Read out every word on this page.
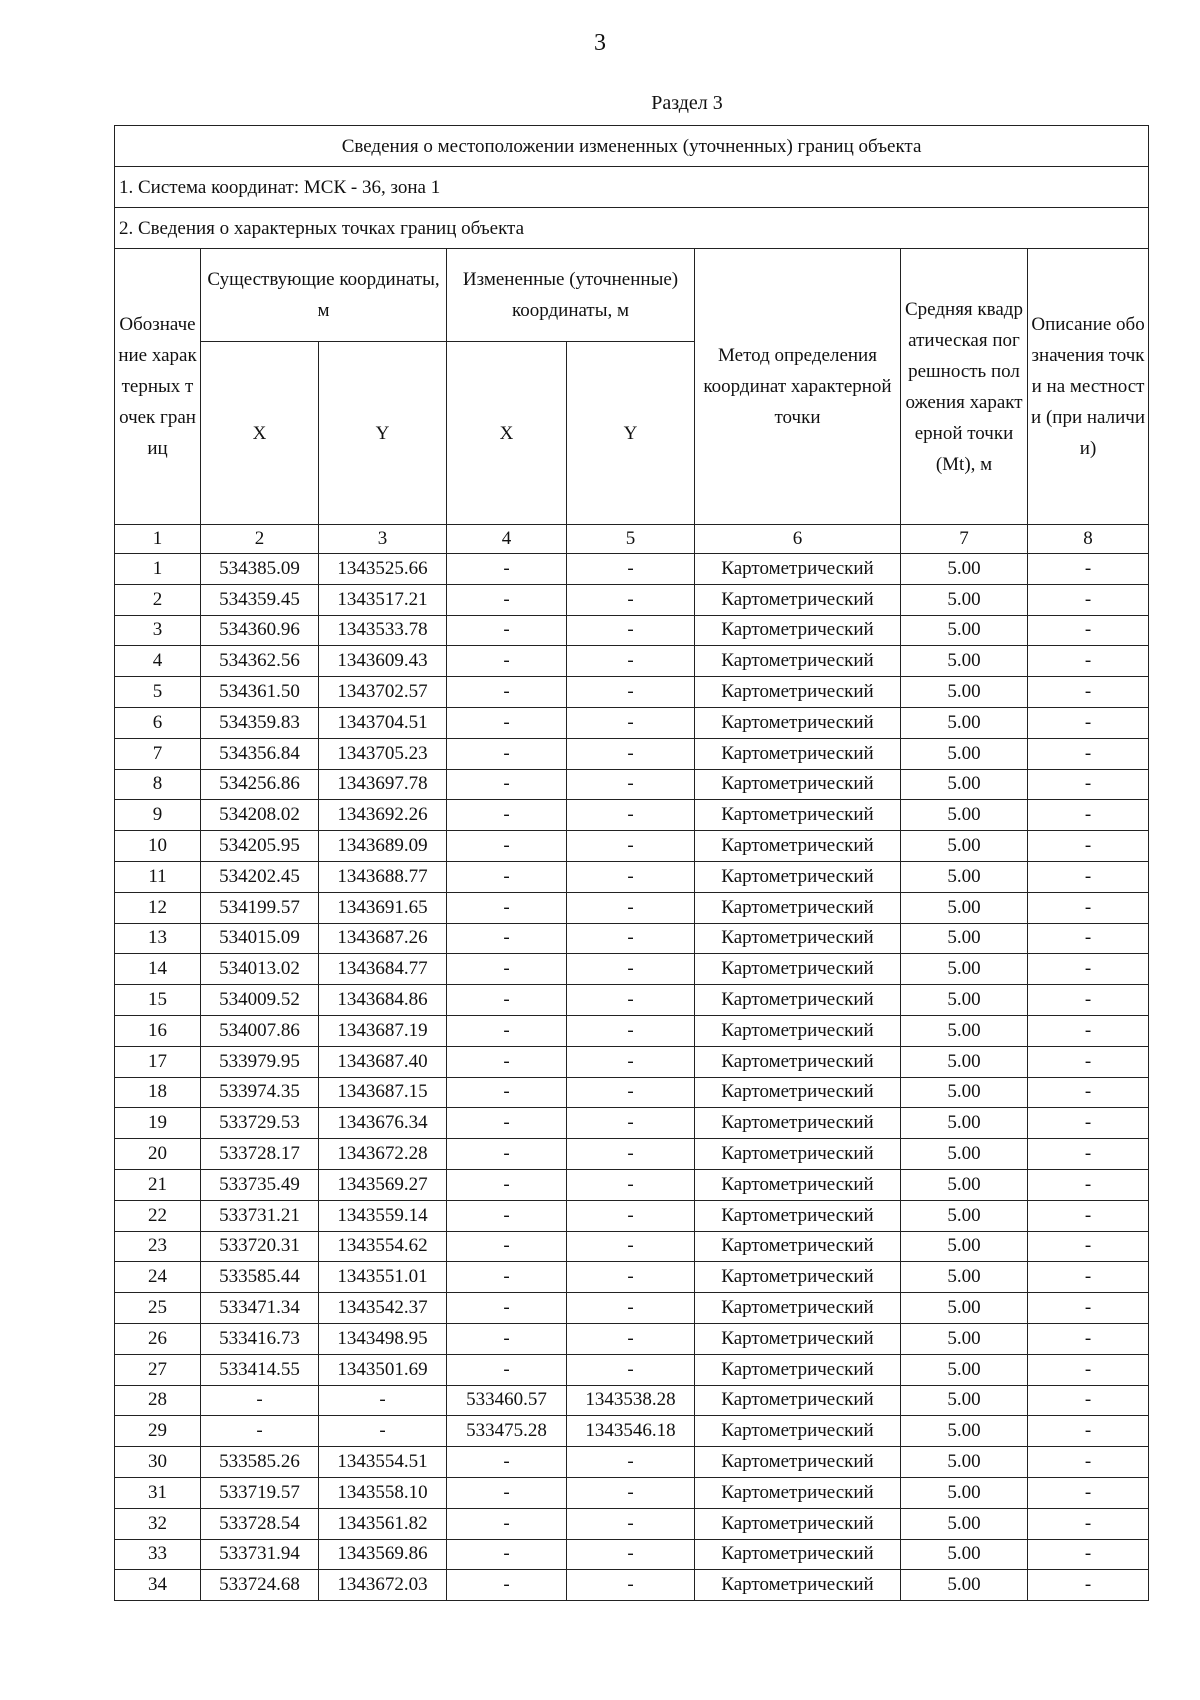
3
Раздел 3
Сведения о местоположении измененных (уточненных) границ объекта							
1. Система координат: МСК - 36, зона 1							
2. Сведения о характерных точках границ объекта							
Обозначение характерных точек границ	Существующие координаты, м		Измененные (уточненные) координаты, м		Метод определения координат характерной точки	Средняя квадратическая погрешность положения характерной точки (Mt), м	Описание обозначения точки на местности (при наличии)
	X	Y	X	Y			
1	2	3	4	5	6	7	8
1	534385.09	1343525.66	-	-	Картометрический	5.00	-
2	534359.45	1343517.21	-	-	Картометрический	5.00	-
3	534360.96	1343533.78	-	-	Картометрический	5.00	-
4	534362.56	1343609.43	-	-	Картометрический	5.00	-
5	534361.50	1343702.57	-	-	Картометрический	5.00	-
6	534359.83	1343704.51	-	-	Картометрический	5.00	-
7	534356.84	1343705.23	-	-	Картометрический	5.00	-
8	534256.86	1343697.78	-	-	Картометрический	5.00	-
9	534208.02	1343692.26	-	-	Картометрический	5.00	-
10	534205.95	1343689.09	-	-	Картометрический	5.00	-
11	534202.45	1343688.77	-	-	Картометрический	5.00	-
12	534199.57	1343691.65	-	-	Картометрический	5.00	-
13	534015.09	1343687.26	-	-	Картометрический	5.00	-
14	534013.02	1343684.77	-	-	Картометрический	5.00	-
15	534009.52	1343684.86	-	-	Картометрический	5.00	-
16	534007.86	1343687.19	-	-	Картометрический	5.00	-
17	533979.95	1343687.40	-	-	Картометрический	5.00	-
18	533974.35	1343687.15	-	-	Картометрический	5.00	-
19	533729.53	1343676.34	-	-	Картометрический	5.00	-
20	533728.17	1343672.28	-	-	Картометрический	5.00	-
21	533735.49	1343569.27	-	-	Картометрический	5.00	-
22	533731.21	1343559.14	-	-	Картометрический	5.00	-
23	533720.31	1343554.62	-	-	Картометрический	5.00	-
24	533585.44	1343551.01	-	-	Картометрический	5.00	-
25	533471.34	1343542.37	-	-	Картометрический	5.00	-
26	533416.73	1343498.95	-	-	Картометрический	5.00	-
27	533414.55	1343501.69	-	-	Картометрический	5.00	-
28	-	-	533460.57	1343538.28	Картометрический	5.00	-
29	-	-	533475.28	1343546.18	Картометрический	5.00	-
30	533585.26	1343554.51	-	-	Картометрический	5.00	-
31	533719.57	1343558.10	-	-	Картометрический	5.00	-
32	533728.54	1343561.82	-	-	Картометрический	5.00	-
33	533731.94	1343569.86	-	-	Картометрический	5.00	-
34	533724.68	1343672.03	-	-	Картометрический	5.00	-
